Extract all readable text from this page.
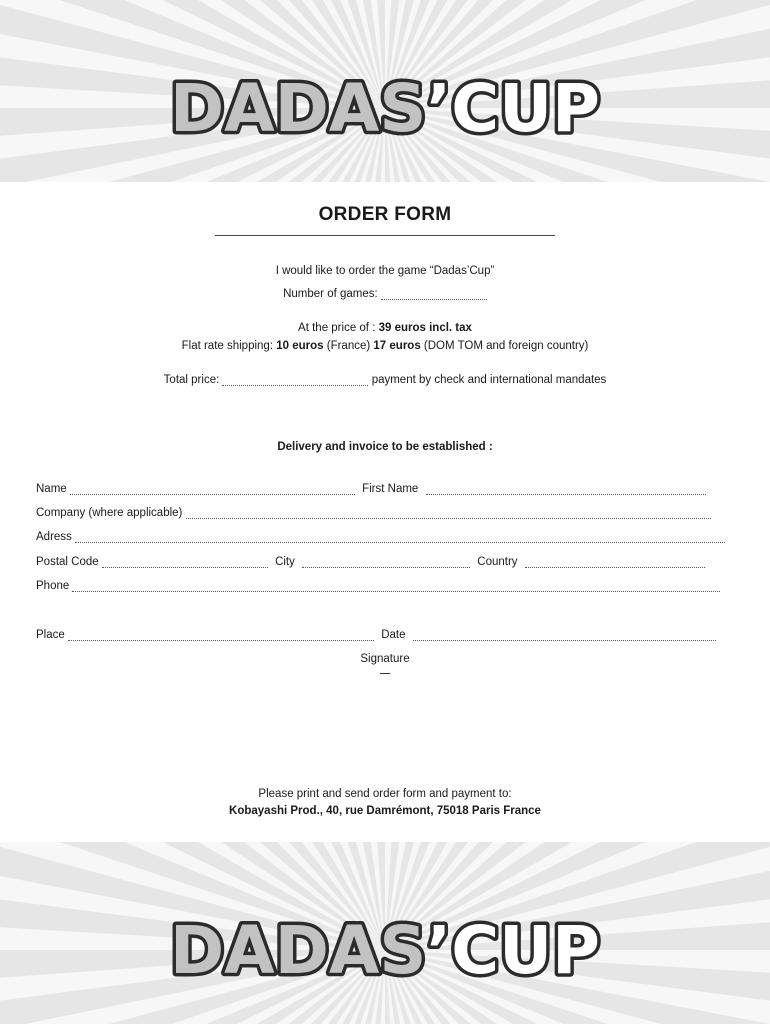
DADAS’CUP
ORDER FORM
I would like to order the game “Dadas’Cup”
Number of games:
At the price of : 39 euros incl. tax
Flat rate shipping: 10 euros (France) 17 euros (DOM TOM and foreign country)
Total price:	payment by check and international mandates
Delivery and invoice to be established :
Name	First Name
Company (where applicable)
Adress
Postal Code	City	Country
Phone
Place	Date
Signature
Please print and send order form and payment to:
Kobayashi Prod., 40, rue Damrémont, 75018 Paris France
DADAS’CUP
